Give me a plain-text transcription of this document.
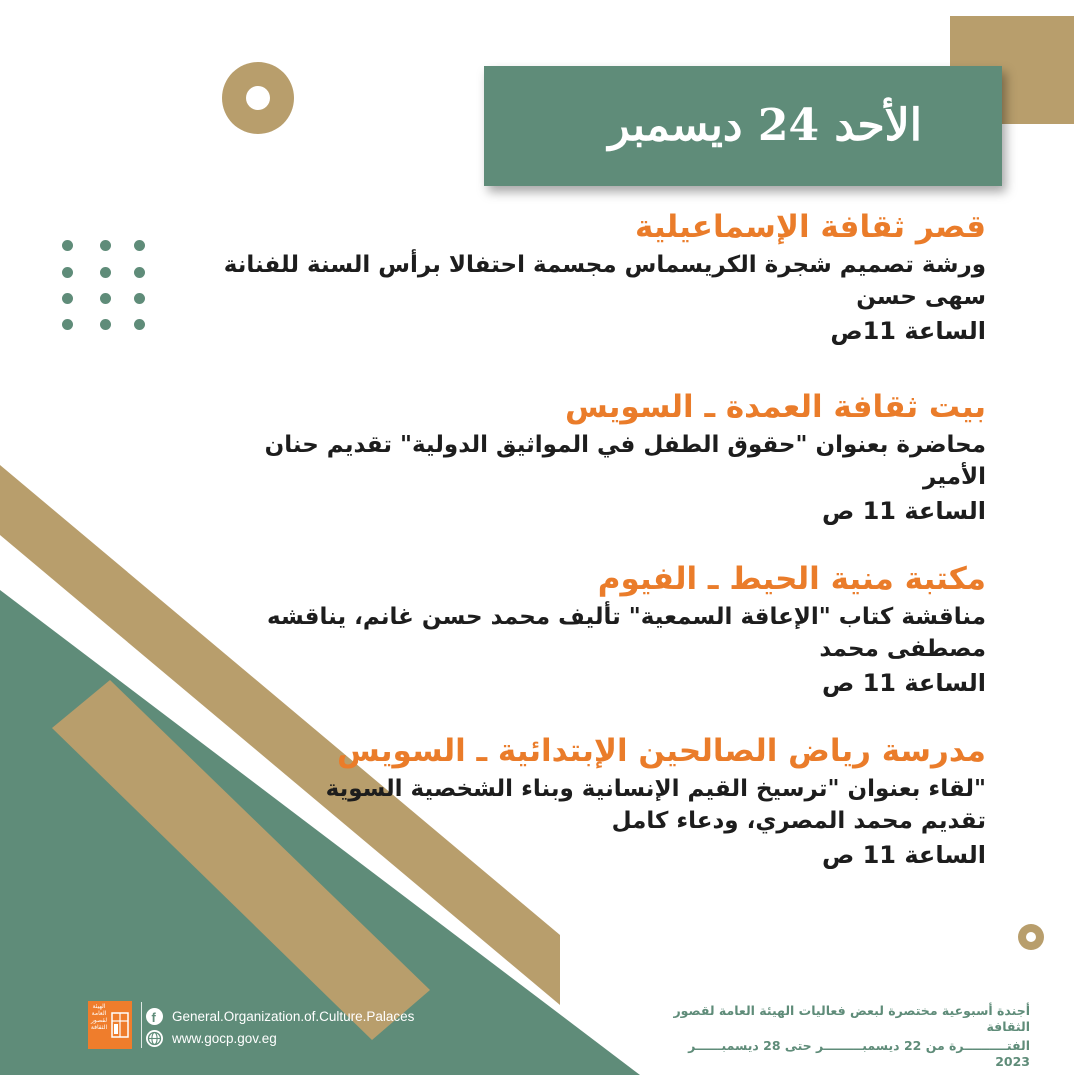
الأحد 24 ديسمبر

قصر ثقافة الإسماعيلية

ورشة تصميم شجرة الكريسماس مجسمة احتفالا برأس السنة للفنانة

سهى حسن

الساعة 11ص

بيت ثقافة العمدة ـ السويس

محاضرة بعنوان "حقوق الطفل في المواثيق الدولية" تقديم حنان الأمير

الساعة 11 ص

مكتبة منية الحيط ـ الفيوم

مناقشة كتاب "الإعاقة السمعية" تأليف محمد حسن غانم، يناقشه

مصطفى محمد

الساعة 11 ص

مدرسة رياض الصالحين الإبتدائية ـ السويس

"لقاء بعنوان "ترسيخ القيم الإنسانية وبناء الشخصية السوية

تقديم محمد المصري، ودعاء كامل

الساعة 11 ص

الهيئة العامة لقصور الثقافة
f General.Organization.of.Culture.Palaces
www.gocp.gov.eg
أجندة أسبوعية مختصرة لبعض فعاليات الهيئة العامة لقصور الثقافة
الفتــــــــــرة من 22 ديسمبـــــــــر حتى 28 ديسمبــــــر 2023
